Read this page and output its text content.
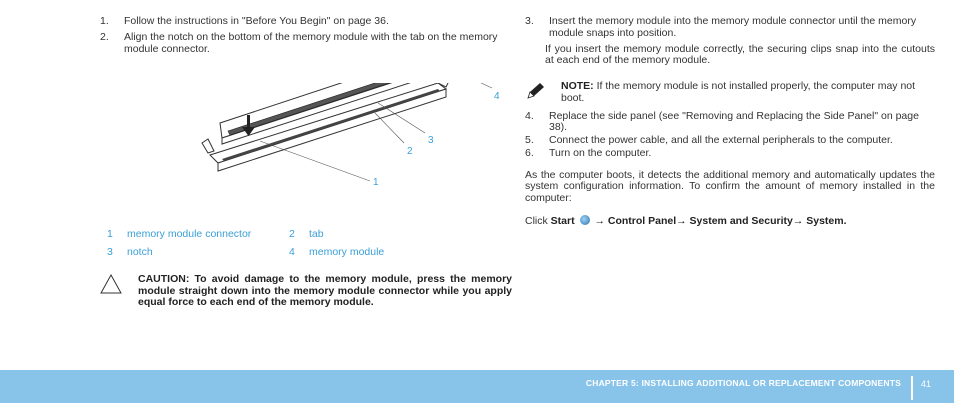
1.	Follow the instructions in "Before You Begin" on page 36.
2.	Align the notch on the bottom of the memory module with the tab on the memory module connector.
1
2
3
4
1	memory module connector	2	tab
3	notch	4	memory module
CAUTION: To avoid damage to the memory module, press the memory module straight down into the memory module connector while you apply equal force to each end of the memory module.
3.	Insert the memory module into the memory module connector until the memory module snaps into position.
If you insert the memory module correctly, the securing clips snap into the cutouts at each end of the memory module.
NOTE: If the memory module is not installed properly, the computer may not boot.
4.	Replace the side panel (see "Removing and Replacing the Side Panel" on page 38).
5.	Connect the power cable, and all the external peripherals to the computer.
6.	Turn on the computer.
As the computer boots, it detects the additional memory and automatically updates the system configuration information. To confirm the amount of memory installed in the computer:
Click Start → Control Panel→ System and Security→ System.
CHAPTER 5: INSTALLING ADDITIONAL OR REPLACEMENT COMPONENTS 41
